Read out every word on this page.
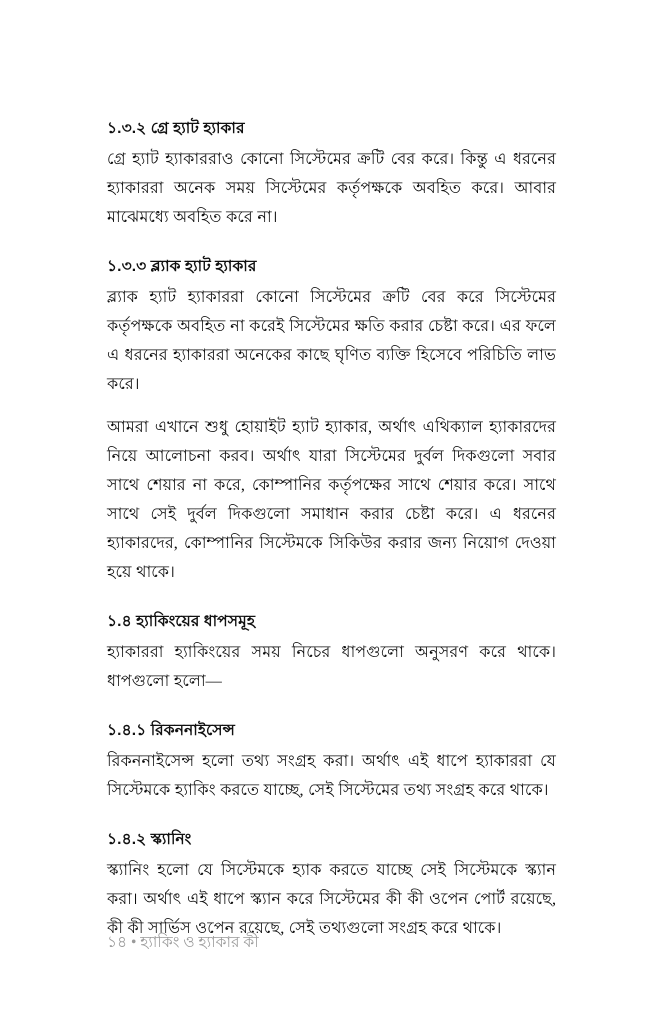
১.৩.২ গ্রে হ্যাট হ্যাকার

গ্রে হ্যাট হ্যাকাররাও কোনো সিস্টেমের ক্রটি বের করে। কিন্তু এ ধরনের হ্যাকাররা অনেক সময় সিস্টেমের কর্তৃপক্ষকে অবহিত করে। আবার মাঝেমধ্যে অবহিত করে না।

১.৩.৩ ব্ল্যাক হ্যাট হ্যাকার

ব্ল্যাক হ্যাট হ্যাকাররা কোনো সিস্টেমের ক্রটি বের করে সিস্টেমের কর্তৃপক্ষকে অবহিত না করেই সিস্টেমের ক্ষতি করার চেষ্টা করে। এর ফলে এ ধরনের হ্যাকাররা অনেকের কাছে ঘৃণিত ব্যক্তি হিসেবে পরিচিতি লাভ করে।

আমরা এখানে শুধু হোয়াইট হ্যাট হ্যাকার, অর্থাৎ এথিক্যাল হ্যাকারদের নিয়ে আলোচনা করব। অর্থাৎ যারা সিস্টেমের দুর্বল দিকগুলো সবার সাথে শেয়ার না করে, কোম্পানির কর্তৃপক্ষের সাথে শেয়ার করে। সাথে সাথে সেই দুর্বল দিকগুলো সমাধান করার চেষ্টা করে। এ ধরনের হ্যাকারদের, কোম্পানির সিস্টেমকে সিকিউর করার জন্য নিয়োগ দেওয়া হয়ে থাকে।

১.৪ হ্যাকিংয়ের ধাপসমূহ

হ্যাকাররা হ্যাকিংয়ের সময় নিচের ধাপগুলো অনুসরণ করে থাকে। ধাপগুলো হলো—

১.৪.১ রিকননাইসেন্স

রিকননাইসেন্স হলো তথ্য সংগ্রহ করা। অর্থাৎ এই ধাপে হ্যাকাররা যে সিস্টেমকে হ্যাকিং করতে যাচ্ছে, সেই সিস্টেমের তথ্য সংগ্রহ করে থাকে।

১.৪.২ স্ক্যানিং

স্ক্যানিং হলো যে সিস্টেমকে হ্যাক করতে যাচ্ছে সেই সিস্টেমকে স্ক্যান করা। অর্থাৎ এই ধাপে স্ক্যান করে সিস্টেমের কী কী ওপেন পোর্ট রয়েছে, কী কী সার্ভিস ওপেন রয়েছে, সেই তথ্যগুলো সংগ্রহ করে থাকে।

১৪ • হ্যাকিং ও হ্যাকার কী
